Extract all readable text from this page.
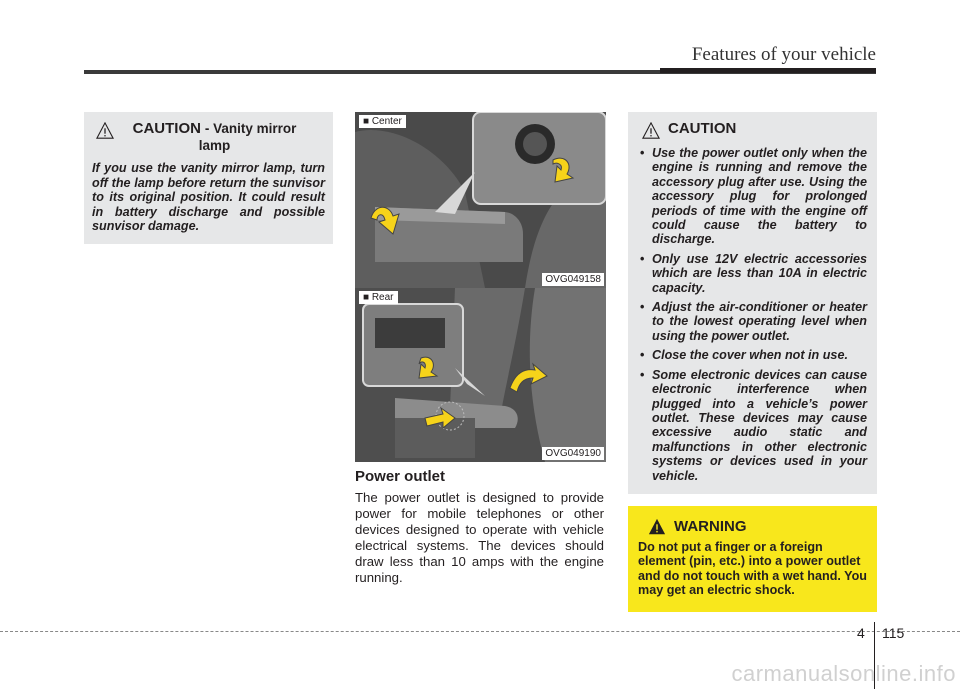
Features of your vehicle
CAUTION - Vanity mirror lamp
If you use the vanity mirror lamp, turn off the lamp before return the sunvisor to its original position. It could result in battery discharge and possible sunvisor damage.
■ Center
OVG049158
■ Rear
OVG049190
Power outlet
The power outlet is designed to provide power for mobile telephones or other devices designed to operate with vehicle electrical systems. The devices should draw less than 10 amps with the engine running.
CAUTION
• Use the power outlet only when the engine is running and remove the accessory plug after use. Using the accessory plug for prolonged periods of time with the engine off could cause the battery to discharge.
• Only use 12V electric accessories which are less than 10A in electric capacity.
• Adjust the air-conditioner or heater to the lowest operating level when using the power outlet.
• Close the cover when not in use.
• Some electronic devices can cause electronic interference when plugged into a vehicle’s power outlet. These devices may cause excessive audio static and malfunctions in other electronic systems or devices used in your vehicle.
WARNING
Do not put a finger or a foreign element (pin, etc.) into a power outlet and do not touch with a wet hand. You may get an electric shock.
4 115
carmanualsonline.info
